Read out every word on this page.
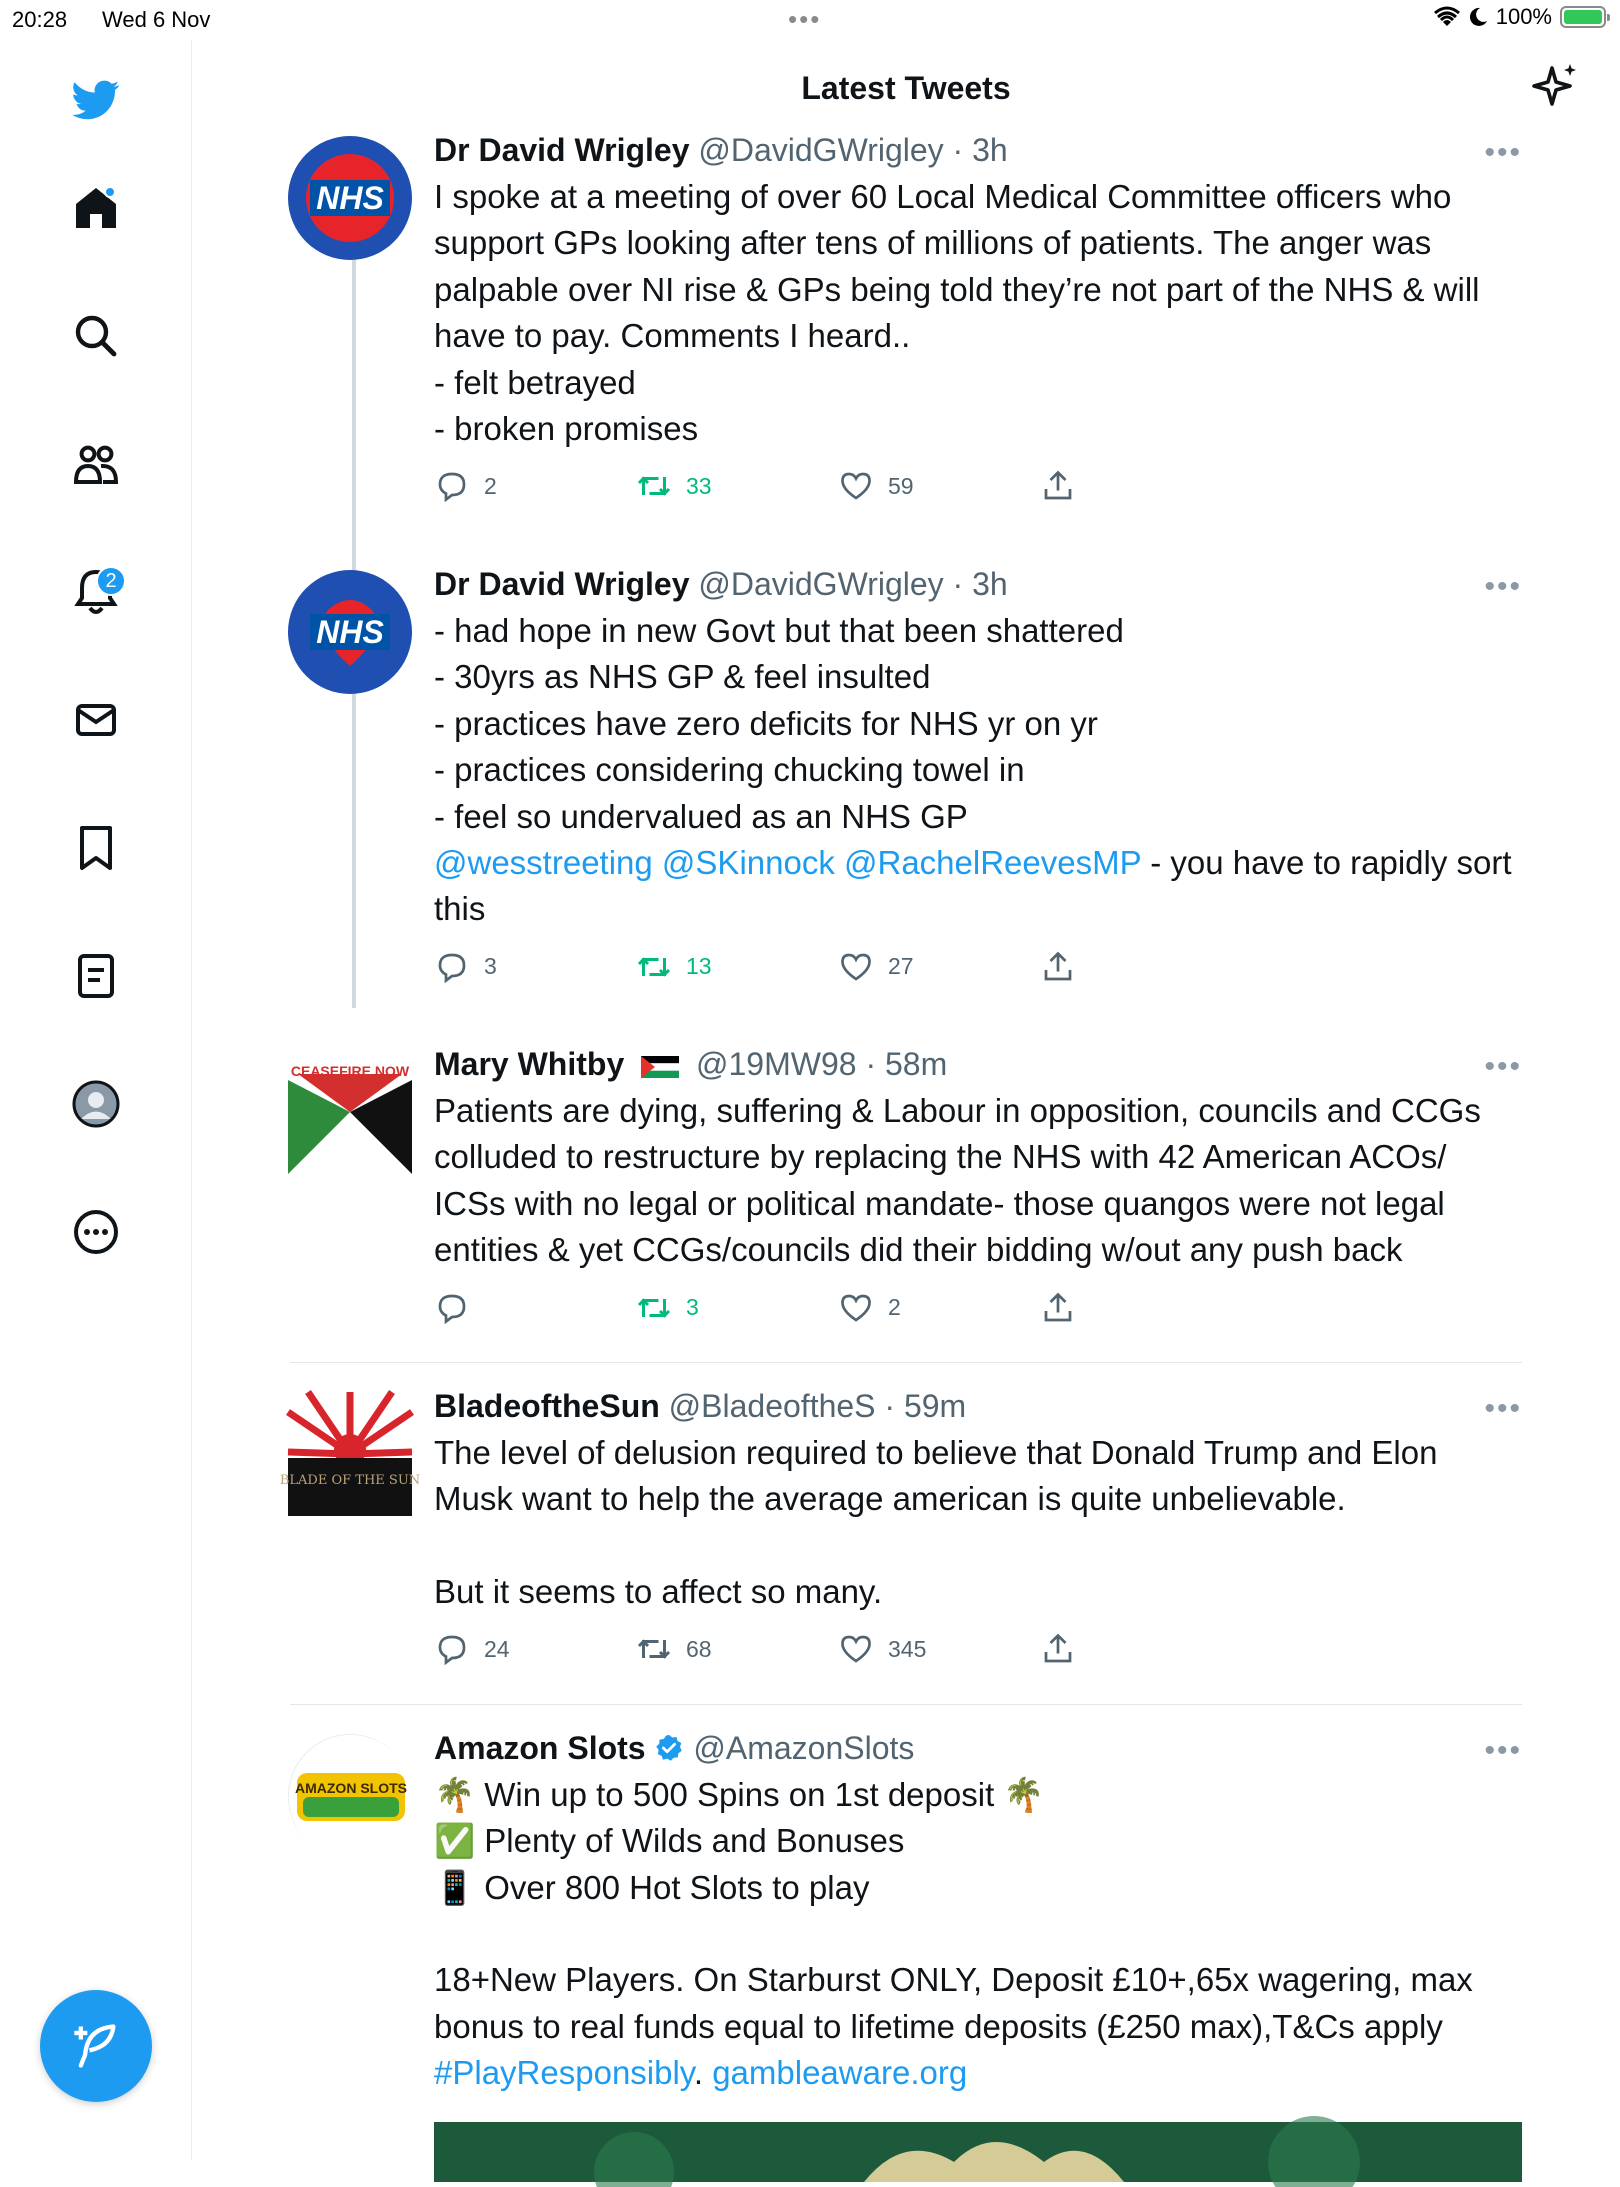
20:28 Wed 6 Nov	•••	100%
2
Latest Tweets
NHS
Dr David Wrigley @DavidGWrigley · 3h	•••
I spoke at a meeting of over 60 Local Medical Committee officers who
support GPs looking after tens of millions of patients. The anger was
palpable over NI rise & GPs being told they’re not part of the NHS & will
have to pay. Comments I heard..
- felt betrayed
- broken promises
2	33	59
NHS
Dr David Wrigley @DavidGWrigley · 3h	•••
- had hope in new Govt but that been shattered
- 30yrs as NHS GP & feel insulted
- practices have zero deficits for NHS yr on yr
- practices considering chucking towel in
- feel so undervalued as an NHS GP
@wesstreeting @SKinnock @RachelReevesMP - you have to rapidly sort
this
3	13	27
CEASEFIRE NOW Mary Whitby @19MW98 · 58m	•••
Patients are dying, suffering & Labour in opposition, councils and CCGs
colluded to restructure by replacing the NHS with 42 American ACOs/
ICSs with no legal or political mandate- those quangos were not legal
entities & yet CCGs/councils did their bidding w/out any push back
3	2
BLADE OF THE SUN
BladeoftheSun @BladeoftheS · 59m	•••
The level of delusion required to believe that Donald Trump and Elon
Musk want to help the average american is quite unbelievable.
But it seems to affect so many.
24	68	345
AMAZON SLOTS
Amazon Slots @AmazonSlots	•••
🌴 Win up to 500 Spins on 1st deposit 🌴
✅ Plenty of Wilds and Bonuses
📱 Over 800 Hot Slots to play
18+New Players. On Starburst ONLY, Deposit £10+,65x wagering, max
bonus to real funds equal to lifetime deposits (£250 max),T&Cs apply
#PlayResponsibly. gambleaware.org
